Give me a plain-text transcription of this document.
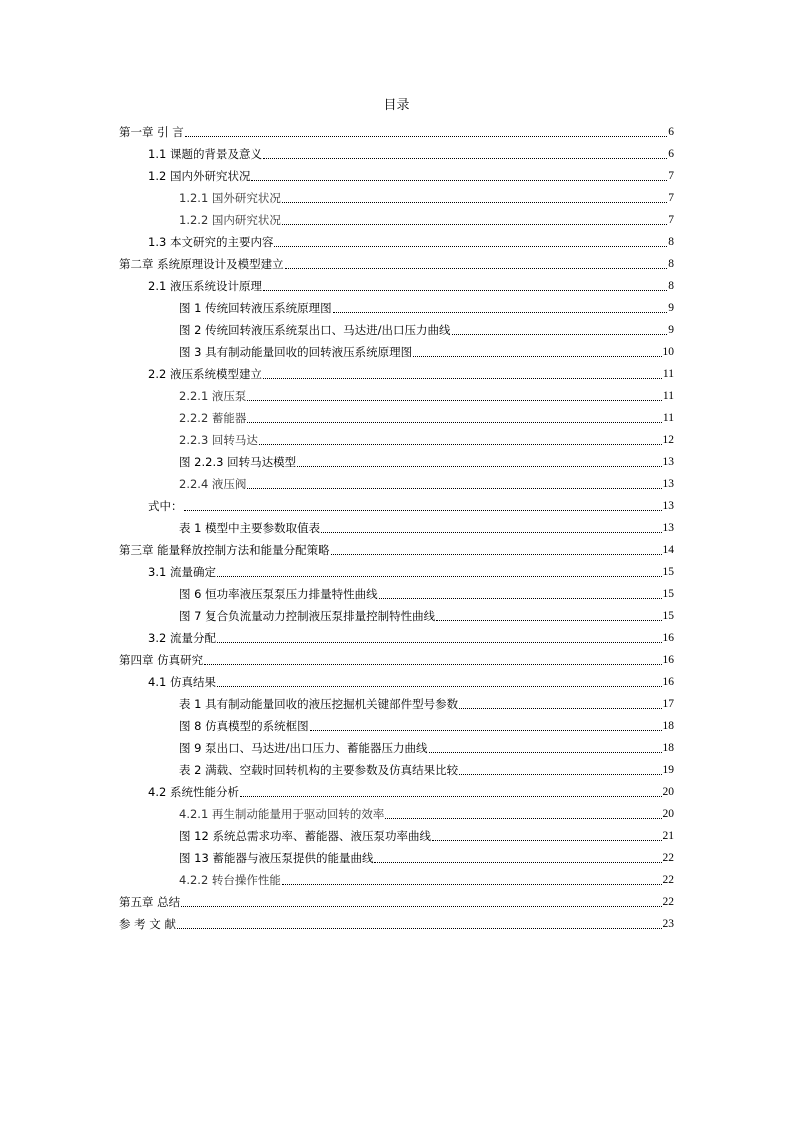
目录
第一章 引 言	6
1.1 课题的背景及意义	6
1.2 国内外研究状况	7
1.2.1 国外研究状况	7
1.2.2 国内研究状况	7
1.3 本文研究的主要内容	8
第二章 系统原理设计及模型建立	8
2.1 液压系统设计原理	8
图 1 传统回转液压系统原理图	9
图 2 传统回转液压系统泵出口、马达进/出口压力曲线	9
图 3 具有制动能量回收的回转液压系统原理图	10
2.2 液压系统模型建立	11
2.2.1 液压泵	11
2.2.2 蓄能器	11
2.2.3 回转马达	12
图 2.2.3 回转马达模型	13
2.2.4 液压阀	13
式中：	13
表 1 模型中主要参数取值表	13
第三章 能量释放控制方法和能量分配策略	14
3.1 流量确定	15
图 6 恒功率液压泵泵压力排量特性曲线	15
图 7 复合负流量动力控制液压泵排量控制特性曲线	15
3.2 流量分配	16
第四章 仿真研究	16
4.1 仿真结果	16
表 1 具有制动能量回收的液压挖掘机关键部件型号参数	17
图 8 仿真模型的系统框图	18
图 9 泵出口、马达进/出口压力、蓄能器压力曲线	18
表 2 满载、空载时回转机构的主要参数及仿真结果比较	19
4.2 系统性能分析	20
4.2.1 再生制动能量用于驱动回转的效率	20
图 12 系统总需求功率、蓄能器、液压泵功率曲线	21
图 13 蓄能器与液压泵提供的能量曲线	22
4.2.2 转台操作性能	22
第五章 总结	22
参 考 文 献	23
